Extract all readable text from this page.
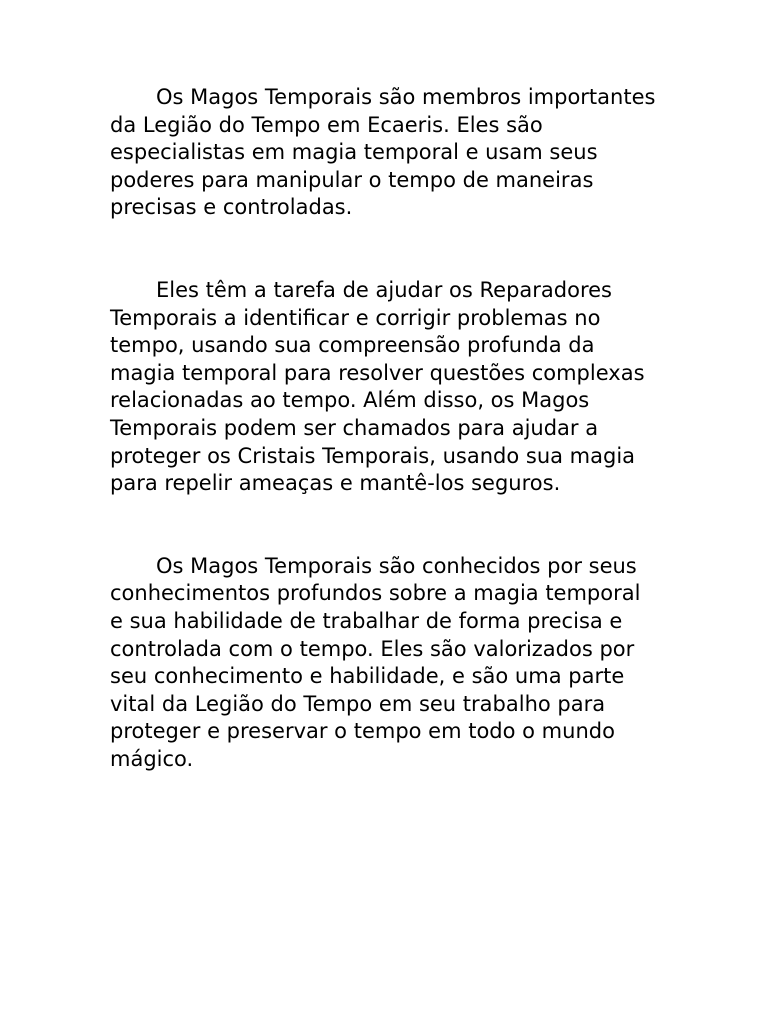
Os Magos Temporais são membros importantes da Legião do Tempo em Ecaeris. Eles são especialistas em magia temporal e usam seus poderes para manipular o tempo de maneiras precisas e controladas.

Eles têm a tarefa de ajudar os Reparadores Temporais a identificar e corrigir problemas no tempo, usando sua compreensão profunda da magia temporal para resolver questões complexas relacionadas ao tempo. Além disso, os Magos Temporais podem ser chamados para ajudar a proteger os Cristais Temporais, usando sua magia para repelir ameaças e mantê-los seguros.

Os Magos Temporais são conhecidos por seus conhecimentos profundos sobre a magia temporal e sua habilidade de trabalhar de forma precisa e controlada com o tempo. Eles são valorizados por seu conhecimento e habilidade, e são uma parte vital da Legião do Tempo em seu trabalho para proteger e preservar o tempo em todo o mundo mágico.
